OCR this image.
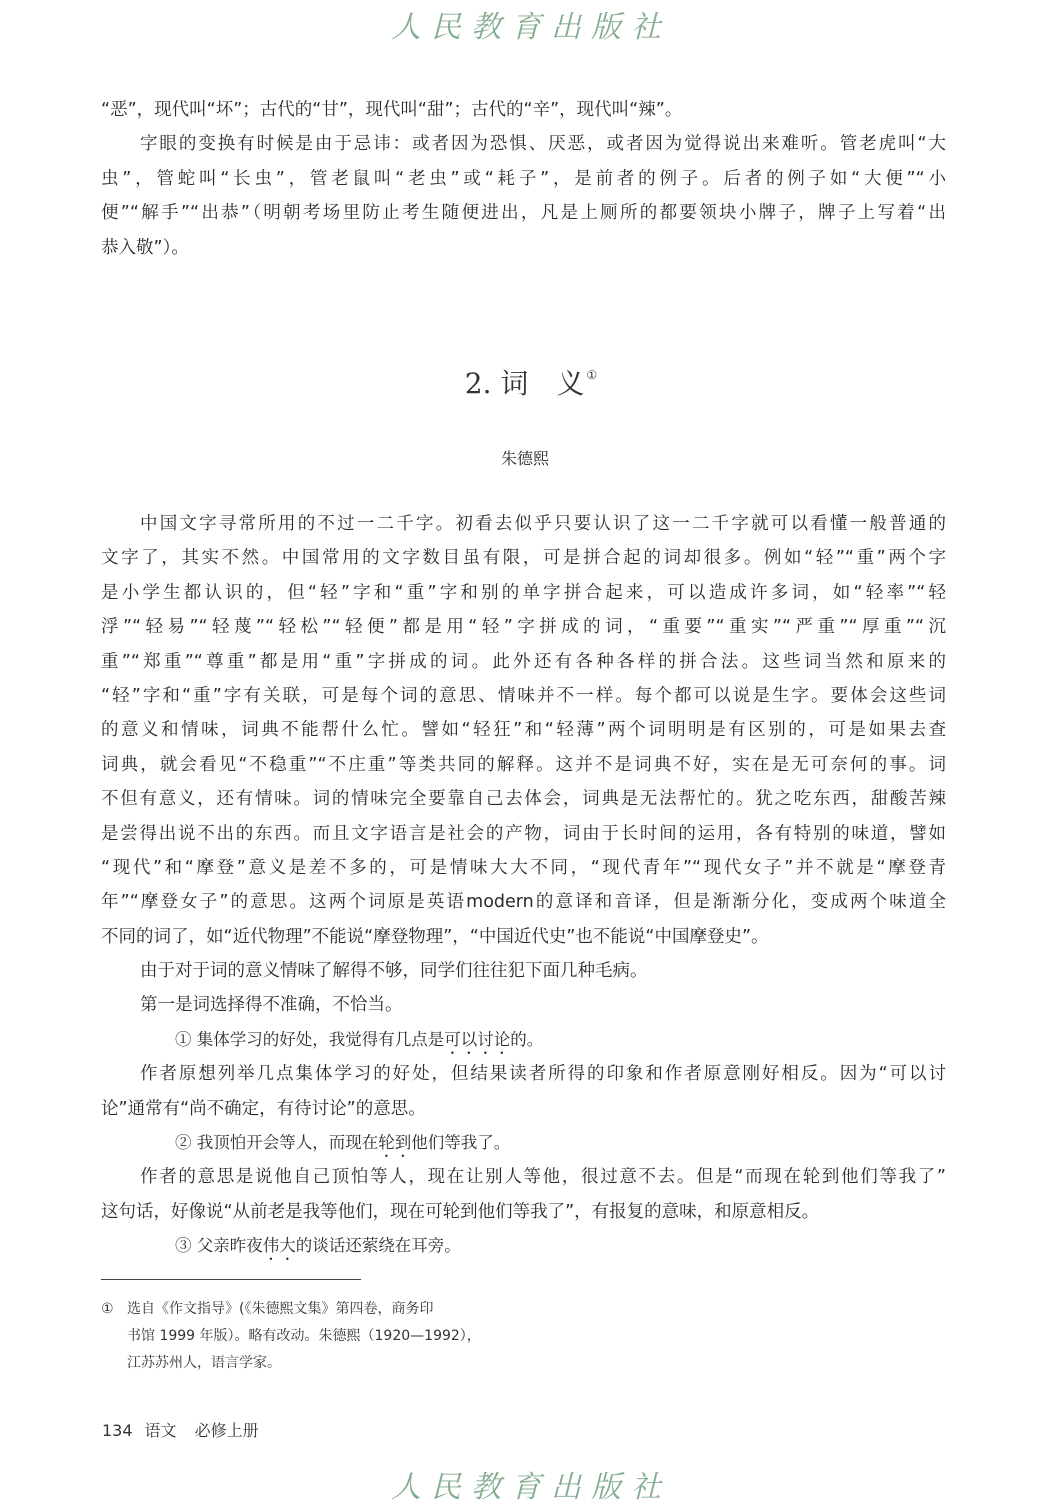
人民教育出版社
“恶”，现代叫“坏”；古代的“甘”，现代叫“甜”；古代的“辛”，现代叫“辣”。
字眼的变换有时候是由于忌讳：或者因为恐惧、厌恶，或者因为觉得说出来难听。管老虎叫“大
虫”，管蛇叫“长虫”，管老鼠叫“老虫”或“耗子”，是前者的例子。后者的例子如“大便”“小
便”“解手”“出恭”（明朝考场里防止考生随便进出，凡是上厕所的都要领块小牌子，牌子上写着“出
恭入敬”）。
2. 词　义 ①
朱德熙
中国文字寻常所用的不过一二千字。初看去似乎只要认识了这一二千字就可以看懂一般普通的
文字了，其实不然。中国常用的文字数目虽有限，可是拼合起的词却很多。例如“轻”“重”两个字
是小学生都认识的，但“轻”字和“重”字和别的单字拼合起来，可以造成许多词，如“轻率”“轻
浮”“轻易”“轻蔑”“轻松”“轻便”都是用“轻”字拼成的词，“重要”“重实”“严重”“厚重”“沉
重”“郑重”“尊重”都是用“重”字拼成的词。此外还有各种各样的拼合法。这些词当然和原来的
“轻”字和“重”字有关联，可是每个词的意思、情味并不一样。每个都可以说是生字。要体会这些词
的意义和情味，词典不能帮什么忙。譬如“轻狂”和“轻薄”两个词明明是有区别的，可是如果去查
词典，就会看见“不稳重”“不庄重”等类共同的解释。这并不是词典不好，实在是无可奈何的事。词
不但有意义，还有情味。词的情味完全要靠自己去体会，词典是无法帮忙的。犹之吃东西，甜酸苦辣
是尝得出说不出的东西。而且文字语言是社会的产物，词由于长时间的运用，各有特别的味道，譬如
“现代”和“摩登”意义是差不多的，可是情味大大不同，“现代青年”“现代女子”并不就是“摩登青
年”“摩登女子”的意思。这两个词原是英语modern的意译和音译，但是渐渐分化，变成两个味道全
不同的词了，如“近代物理”不能说“摩登物理”，“中国近代史”也不能说“中国摩登史”。
由于对于词的意义情味了解得不够，同学们往往犯下面几种毛病。
第一是词选择得不准确，不恰当。
① 集体学习的好处，我觉得有几点是可以讨论的。
作者原想列举几点集体学习的好处，但结果读者所得的印象和作者原意刚好相反。因为“可以讨
论”通常有“尚不确定，有待讨论”的意思。
② 我顶怕开会等人，而现在轮到他们等我了。
作者的意思是说他自己顶怕等人，现在让别人等他，很过意不去。但是“而现在轮到他们等我了”
这句话，好像说“从前老是我等他们，现在可轮到他们等我了”，有报复的意味，和原意相反。
③ 父亲昨夜伟大的谈话还萦绕在耳旁。
① 选自《作文指导》(《朱德熙文集》第四卷，商务印
书馆 1999 年版）。略有改动。朱德熙（1920—1992），
江苏苏州人，语言学家。
134 语文 必修上册
人民教育出版社
